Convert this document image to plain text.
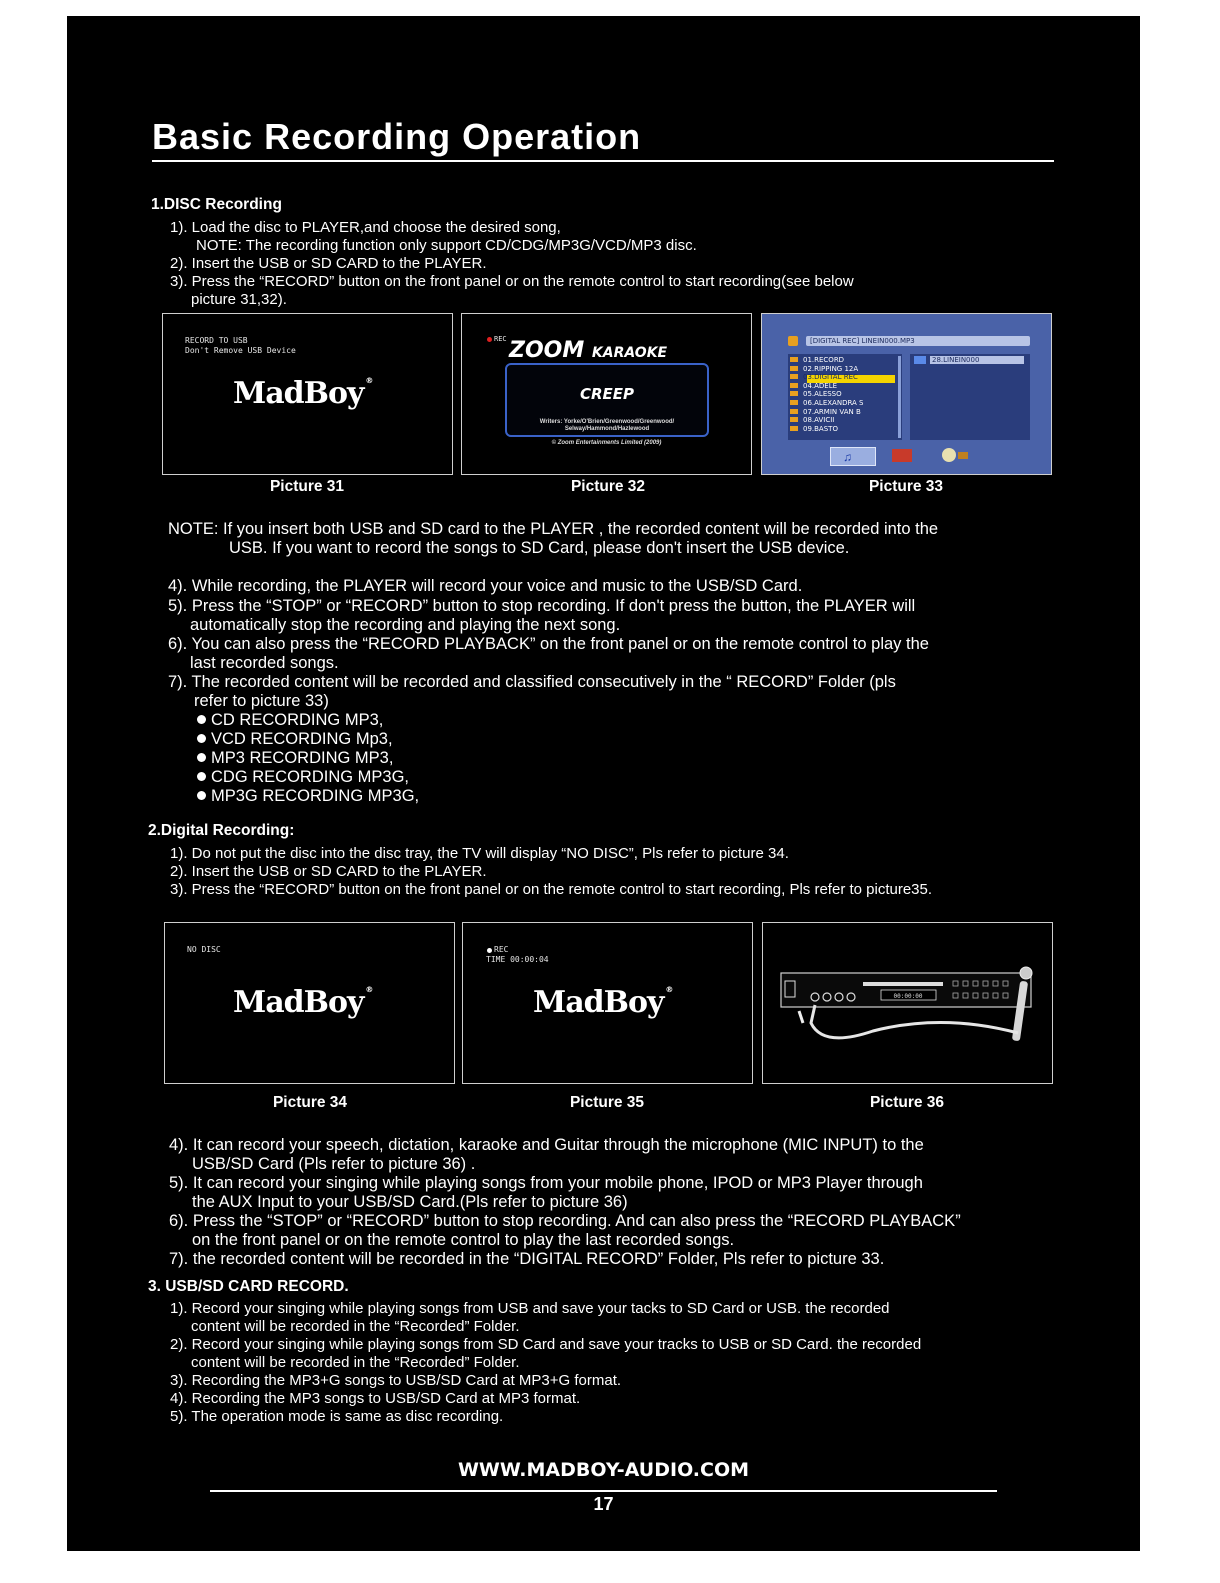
Basic Recording Operation
1.DISC Recording
1). Load the disc to PLAYER,and choose the desired song,
NOTE: The recording function only support CD/CDG/MP3G/VCD/MP3 disc.
2). Insert the USB or SD CARD to the PLAYER.
3). Press the “RECORD” button on the front panel or on the remote control to start recording(see below
picture 31,32).
RECORD TO USB
Don't Remove USB Device
MadBoy ®
REC ZOOM KARAOKE
CREEP
Writers: Yorke/O'Brien/Greenwood/Greenwood/
Selway/Hammond/Hazlewood
© Zoom Entertainments Limited (2009)
[DIGITAL REC] LINEIN000.MP3
01.RECORD
02.RIPPING 12A
03.DIGITAL REC
04.ADELE
05.ALESSO
06.ALEXANDRA S
07.ARMIN VAN B
08.AVICII
09.BASTO
28.LINEIN000
♫
Picture 31	Picture 32	Picture 33
NOTE: If you insert both USB and SD card to the PLAYER , the recorded content will be recorded into the
USB. If you want to record the songs to SD Card, please don't insert the USB device.
4). While recording, the PLAYER will record your voice and music to the USB/SD Card.
5). Press the “STOP” or “RECORD” button to stop recording. If don't press the button, the PLAYER will
automatically stop the recording and playing the next song.
6). You can also press the “RECORD PLAYBACK” on the front panel or on the remote control to play the
last recorded songs.
7). The recorded content will be recorded and classified consecutively in the “ RECORD” Folder (pls
refer to picture 33)
CD RECORDING MP3,
VCD RECORDING Mp3,
MP3 RECORDING MP3,
CDG RECORDING MP3G,
MP3G RECORDING MP3G,
2.Digital Recording:
1). Do not put the disc into the disc tray, the TV will display “NO DISC”, Pls refer to picture 34.
2). Insert the USB or SD CARD to the PLAYER.
3). Press the “RECORD” button on the front panel or on the remote control to start recording, Pls refer to picture35.
NO DISC
MadBoy ®
REC
TIME 00:00:04
MadBoy ®
00:00:00
Picture 34	Picture 35	Picture 36
4). It can record your speech, dictation, karaoke and Guitar through the microphone (MIC INPUT) to the
USB/SD Card (Pls refer to picture 36) .
5). It can record your singing while playing songs from your mobile phone, IPOD or MP3 Player through
the AUX Input to your USB/SD Card.(Pls refer to picture 36)
6). Press the “STOP” or “RECORD” button to stop recording. And can also press the “RECORD PLAYBACK”
on the front panel or on the remote control to play the last recorded songs.
7). the recorded content will be recorded in the “DIGITAL RECORD” Folder, Pls refer to picture 33.
3. USB/SD CARD RECORD.
1). Record your singing while playing songs from USB and save your tacks to SD Card or USB. the recorded
content will be recorded in the “Recorded” Folder.
2). Record your singing while playing songs from SD Card and save your tracks to USB or SD Card. the recorded
content will be recorded in the “Recorded” Folder.
3). Recording the MP3+G songs to USB/SD Card at MP3+G format.
4). Recording the MP3 songs to USB/SD Card at MP3 format.
5). The operation mode is same as disc recording.
WWW.MADBOY-AUDIO.COM
17
